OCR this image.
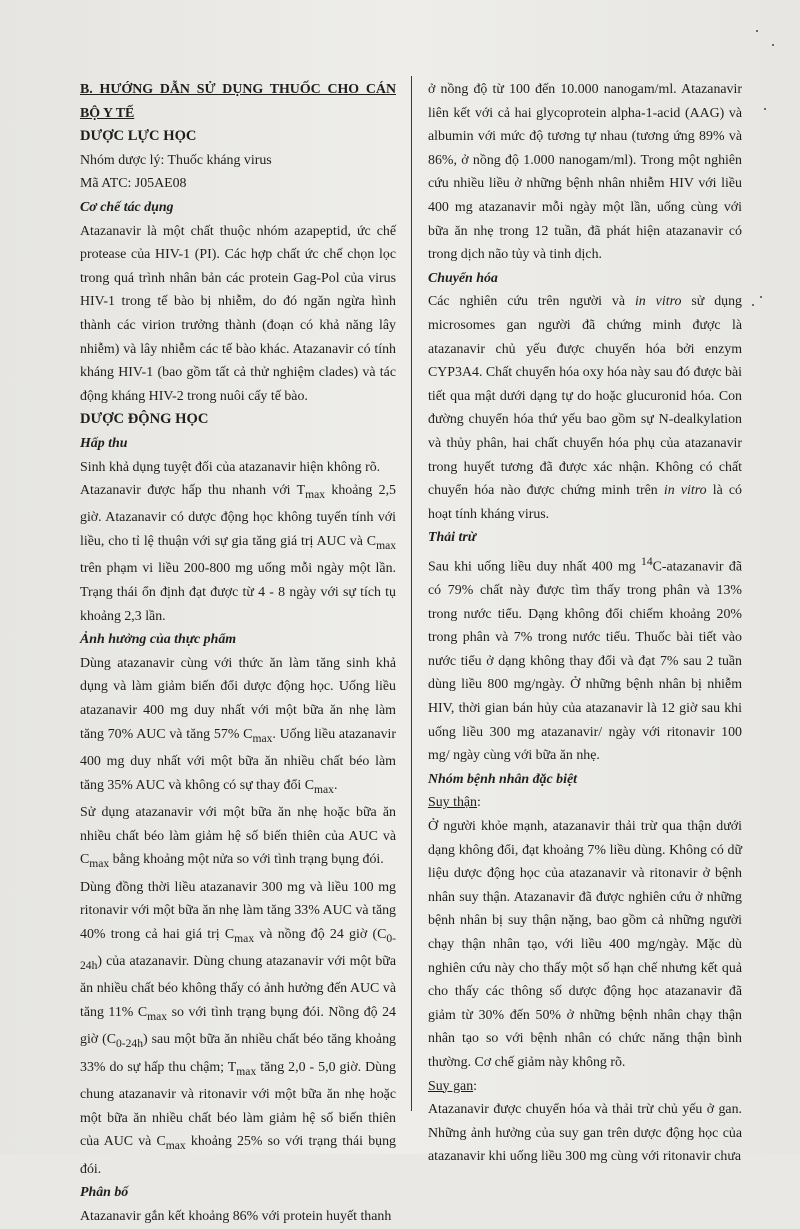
B. HƯỚNG DẪN SỬ DỤNG THUỐC CHO CÁN BỘ Y TẾ

DƯỢC LỰC HỌC

Nhóm dược lý: Thuốc kháng virus

Mã ATC: J05AE08

Cơ chế tác dụng

Atazanavir là một chất thuộc nhóm azapeptid, ức chế protease của HIV-1 (PI). Các hợp chất ức chế chọn lọc trong quá trình nhân bản các protein Gag-Pol của virus HIV-1 trong tế bào bị nhiễm, do đó ngăn ngừa hình thành các virion trưởng thành (đoạn có khả năng lây nhiễm) và lây nhiễm các tế bào khác. Atazanavir có tính kháng HIV-1 (bao gồm tất cả thử nghiệm clades) và tác động kháng HIV-2 trong nuôi cấy tế bào.

DƯỢC ĐỘNG HỌC

Hấp thu

Sinh khả dụng tuyệt đối của atazanavir hiện không rõ.

Atazanavir được hấp thu nhanh với $T_{max}$ khoảng 2,5 giờ. Atazanavir có dược động học không tuyến tính với liều, cho tỉ lệ thuận với sự gia tăng giá trị AUC và $C_{max}$ trên phạm vi liều 200-800 mg uống mỗi ngày một lần. Trạng thái ổn định đạt được từ 4 - 8 ngày với sự tích tụ khoảng 2,3 lần.

Ảnh hưởng của thực phẩm

Dùng atazanavir cùng với thức ăn làm tăng sinh khả dụng và làm giảm biến đổi dược động học. Uống liều atazanavir 400 mg duy nhất với một bữa ăn nhẹ làm tăng 70% AUC và tăng 57% $C_{max}$. Uống liều atazanavir 400 mg duy nhất với một bữa ăn nhiều chất béo làm tăng 35% AUC và không có sự thay đổi $C_{max}$.

Sử dụng atazanavir với một bữa ăn nhẹ hoặc bữa ăn nhiều chất béo làm giảm hệ số biến thiên của AUC và $C_{max}$ bằng khoảng một nửa so với tình trạng bụng đói.

Dùng đồng thời liều atazanavir 300 mg và liều 100 mg ritonavir với một bữa ăn nhẹ làm tăng 33% AUC và tăng 40% trong cả hai giá trị $C_{max}$ và nồng độ 24 giờ $(C_{0-24h})$ của atazanavir. Dùng chung atazanavir với một bữa ăn nhiều chất béo không thấy có ảnh hưởng đến AUC và tăng 11% $C_{max}$ so với tình trạng bụng đói. Nồng độ 24 giờ $(C_{0-24h})$ sau một bữa ăn nhiều chất béo tăng khoảng 33% do sự hấp thu chậm; $T_{max}$ tăng 2,0 - 5,0 giờ. Dùng chung atazanavir và ritonavir với một bữa ăn nhẹ hoặc một bữa ăn nhiều chất béo làm giảm hệ số biến thiên của AUC và $C_{max}$ khoảng 25% so với trạng thái bụng đói.

Phân bố

Atazanavir gắn kết khoảng 86% với protein huyết thanh

ở nồng độ từ 100 đến 10.000 nanogam/ml. Atazanavir liên kết với cả hai glycoprotein alpha-1-acid (AAG) và albumin với mức độ tương tự nhau (tương ứng 89% và 86%, ở nồng độ 1.000 nanogam/ml). Trong một nghiên cứu nhiều liều ở những bệnh nhân nhiễm HIV với liều 400 mg atazanavir mỗi ngày một lần, uống cùng với bữa ăn nhẹ trong 12 tuần, đã phát hiện atazanavir có trong dịch não tủy và tinh dịch.

Chuyển hóa

Các nghiên cứu trên người và in vitro sử dụng microsomes gan người đã chứng minh được là atazanavir chủ yếu được chuyển hóa bởi enzym CYP3A4. Chất chuyển hóa oxy hóa này sau đó được bài tiết qua mật dưới dạng tự do hoặc glucuronid hóa. Con đường chuyển hóa thứ yếu bao gồm sự N-dealkylation và thủy phân, hai chất chuyển hóa phụ của atazanavir trong huyết tương đã được xác nhận. Không có chất chuyển hóa nào được chứng minh trên in vitro là có hoạt tính kháng virus.

Thải trừ

Sau khi uống liều duy nhất 400 mg $^{14}$C-atazanavir đã có 79% chất này được tìm thấy trong phân và 13% trong nước tiểu. Dạng không đổi chiếm khoảng 20% trong phân và 7% trong nước tiểu. Thuốc bài tiết vào nước tiểu ở dạng không thay đổi và đạt 7% sau 2 tuần dùng liều 800 mg/ngày. Ở những bệnh nhân bị nhiễm HIV, thời gian bán hủy của atazanavir là 12 giờ sau khi uống liều 300 mg atazanavir/ ngày với ritonavir 100 mg/ ngày cùng với bữa ăn nhẹ.

Nhóm bệnh nhân đặc biệt

Suy thận:

Ở người khỏe mạnh, atazanavir thải trừ qua thận dưới dạng không đổi, đạt khoảng 7% liều dùng. Không có dữ liệu dược động học của atazanavir và ritonavir ở bệnh nhân suy thận. Atazanavir đã được nghiên cứu ở những bệnh nhân bị suy thận nặng, bao gồm cả những người chạy thận nhân tạo, với liều 400 mg/ngày. Mặc dù nghiên cứu này cho thấy một số hạn chế nhưng kết quả cho thấy các thông số dược động học atazanavir đã giảm từ 30% đến 50% ở những bệnh nhân chạy thận nhân tạo so với bệnh nhân có chức năng thận bình thường. Cơ chế giảm này không rõ.

Suy gan:

Atazanavir được chuyển hóa và thải trừ chủ yếu ở gan. Những ảnh hưởng của suy gan trên dược động học của atazanavir khi uống liều 300 mg cùng với ritonavir chưa
